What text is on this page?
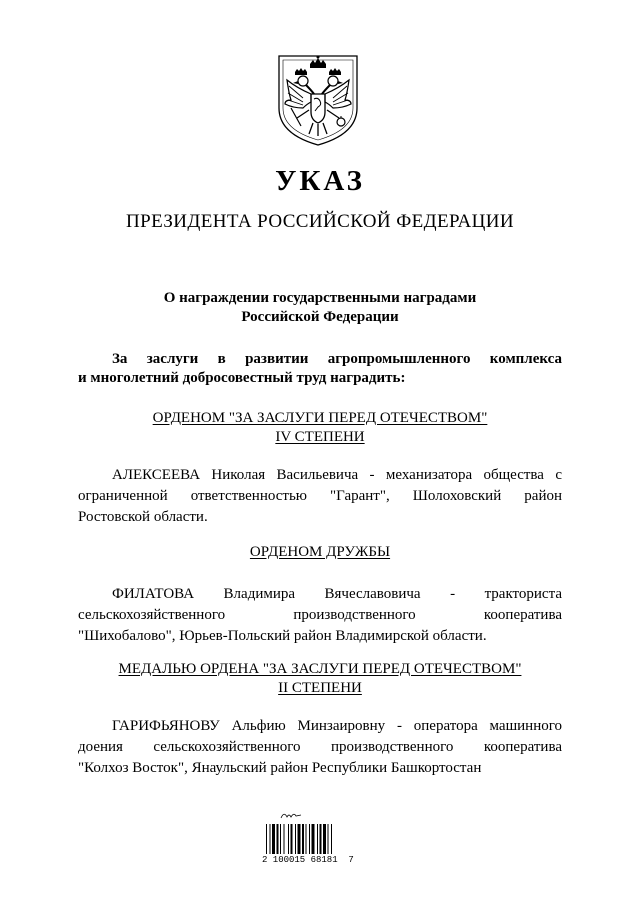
УКАЗ
ПРЕЗИДЕНТА РОССИЙСКОЙ ФЕДЕРАЦИИ
О награждении государственными наградами
Российской Федерации
За заслуги в развитии агропромышленного комплекса
и многолетний добросовестный труд наградить:
ОРДЕНОМ "ЗА ЗАСЛУГИ ПЕРЕД ОТЕЧЕСТВОМ"
IV СТЕПЕНИ
АЛЕКСЕЕВА Николая Васильевича - механизатора общества с
ограниченной ответственностью "Гарант", Шолоховский район
Ростовской области.
ОРДЕНОМ ДРУЖБЫ
ФИЛАТОВА Владимира Вячеславовича - тракториста
сельскохозяйственного производственного кооператива
"Шихобалово", Юрьев-Польский район Владимирской области.
МЕДАЛЬЮ ОРДЕНА "ЗА ЗАСЛУГИ ПЕРЕД ОТЕЧЕСТВОМ"
II СТЕПЕНИ
ГАРИФЬЯНОВУ Альфию Минзаировну - оператора машинного
доения сельскохозяйственного производственного кооператива
"Колхоз Восток", Янаульский район Республики Башкортостан
2 100015 68181  7
